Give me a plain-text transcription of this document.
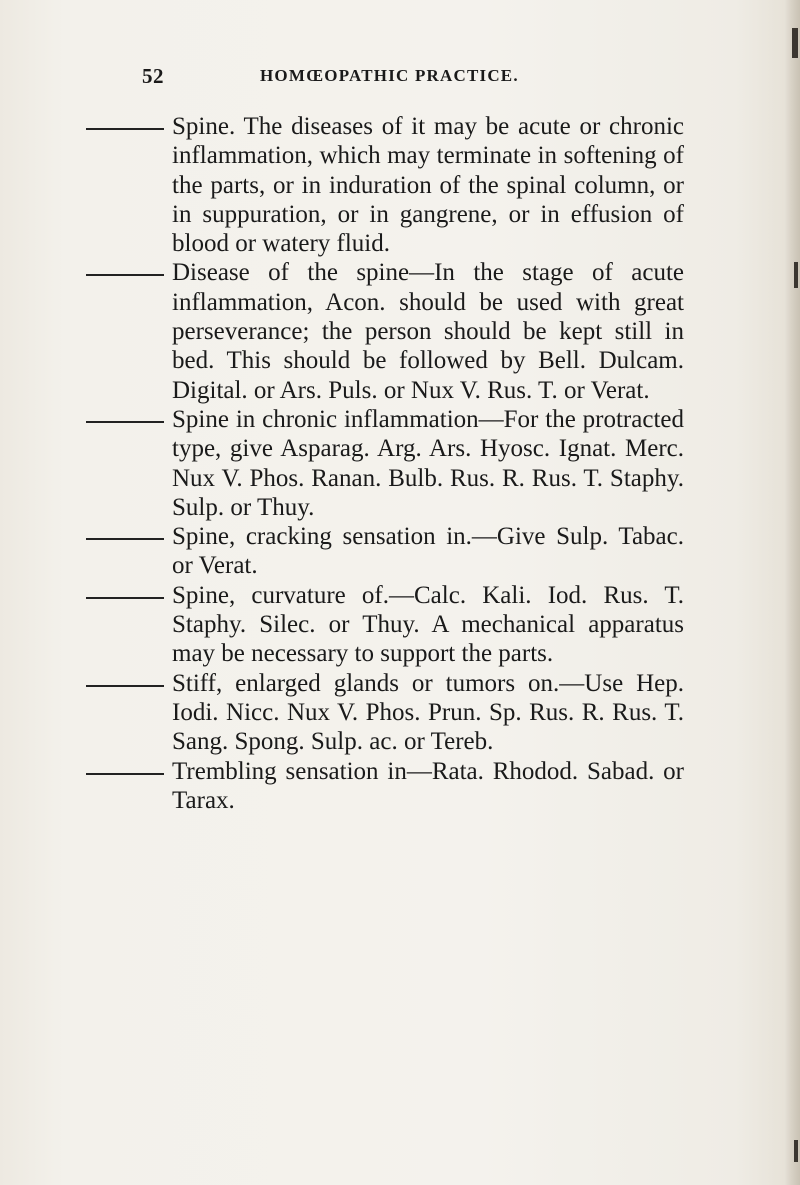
52	HOMŒOPATHIC PRACTICE.

Spine. The diseases of it may be acute or chronic inflammation, which may terminate in softening of the parts, or in induration of the spinal column, or in suppuration, or in gangrene, or in effusion of blood or watery fluid.

Disease of the spine—In the stage of acute inflammation, Acon. should be used with great perseverance; the person should be kept still in bed. This should be followed by Bell. Dulcam. Digital. or Ars. Puls. or Nux V. Rus. T. or Verat.

Spine in chronic inflammation—For the protracted type, give Asparag. Arg. Ars. Hyosc. Ignat. Merc. Nux V. Phos. Ranan. Bulb. Rus. R. Rus. T. Staphy. Sulp. or Thuy.

Spine, cracking sensation in.—Give Sulp. Tabac. or Verat.

Spine, curvature of.—Calc. Kali. Iod. Rus. T. Staphy. Silec. or Thuy. A mechanical apparatus may be necessary to support the parts.

Stiff, enlarged glands or tumors on.—Use Hep. Iodi. Nicc. Nux V. Phos. Prun. Sp. Rus. R. Rus. T. Sang. Spong. Sulp. ac. or Tereb.

Trembling sensation in—Rata. Rhodod. Sabad. or Tarax.
